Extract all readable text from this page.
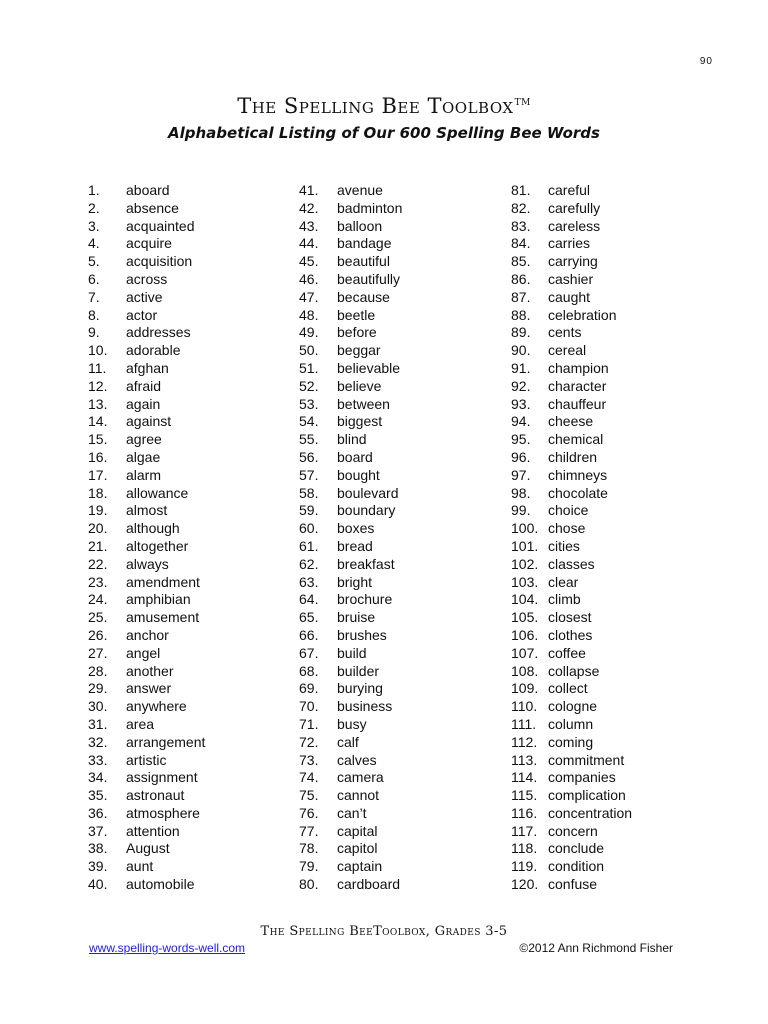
90
The Spelling Bee Toolbox™
Alphabetical Listing of Our 600 Spelling Bee Words
1.	aboard
2.	absence
3.	acquainted
4.	acquire
5.	acquisition
6.	across
7.	active
8.	actor
9.	addresses
10.	adorable
11.	afghan
12.	afraid
13.	again
14.	against
15.	agree
16.	algae
17.	alarm
18.	allowance
19.	almost
20.	although
21.	altogether
22.	always
23.	amendment
24.	amphibian
25.	amusement
26.	anchor
27.	angel
28.	another
29.	answer
30.	anywhere
31.	area
32.	arrangement
33.	artistic
34.	assignment
35.	astronaut
36.	atmosphere
37.	attention
38.	August
39.	aunt
40.	automobile
41.	avenue
42.	badminton
43.	balloon
44.	bandage
45.	beautiful
46.	beautifully
47.	because
48.	beetle
49.	before
50.	beggar
51.	believable
52.	believe
53.	between
54.	biggest
55.	blind
56.	board
57.	bought
58.	boulevard
59.	boundary
60.	boxes
61.	bread
62.	breakfast
63.	bright
64.	brochure
65.	bruise
66.	brushes
67.	build
68.	builder
69.	burying
70.	business
71.	busy
72.	calf
73.	calves
74.	camera
75.	cannot
76.	can’t
77.	capital
78.	capitol
79.	captain
80.	cardboard
81.	careful
82.	carefully
83.	careless
84.	carries
85.	carrying
86.	cashier
87.	caught
88.	celebration
89.	cents
90.	cereal
91.	champion
92.	character
93.	chauffeur
94.	cheese
95.	chemical
96.	children
97.	chimneys
98.	chocolate
99.	choice
100. chose
101. cities
102. classes
103. clear
104. climb
105. closest
106. clothes
107. coffee
108. collapse
109. collect
110. cologne
111. column
112. coming
113. commitment
114. companies
115. complication
116. concentration
117. concern
118. conclude
119. condition
120. confuse
The Spelling BeeToolbox, Grades 3-5
www.spelling-words-well.com	©2012 Ann Richmond Fisher
